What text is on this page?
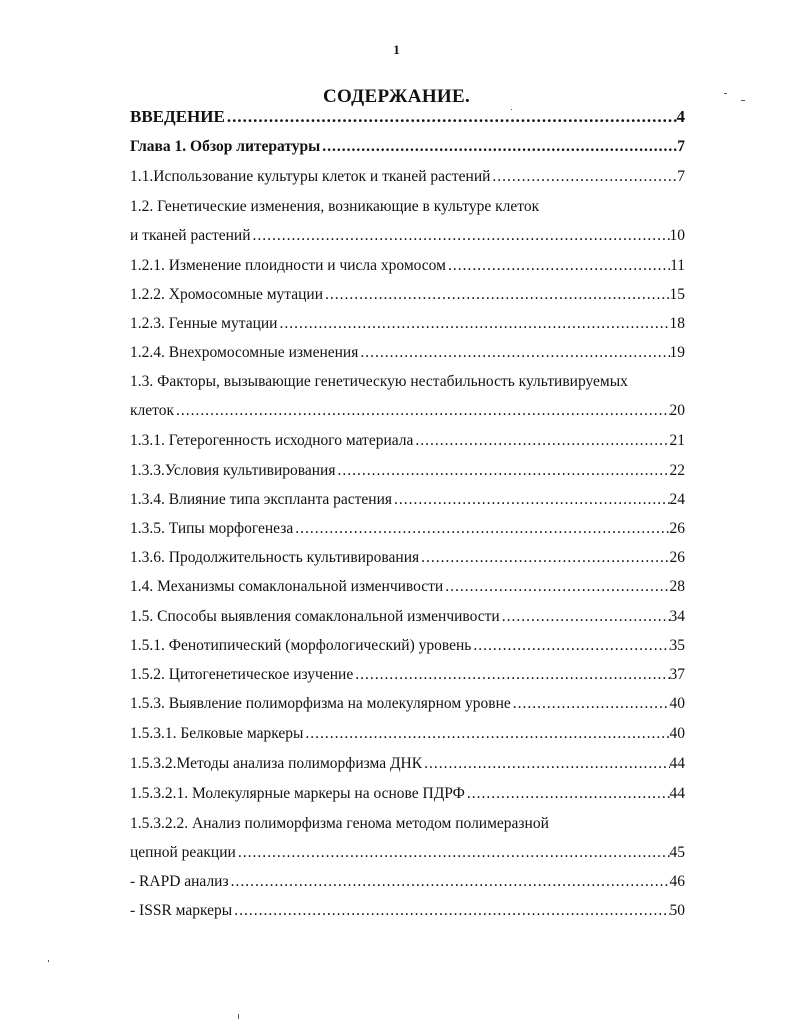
1
СОДЕРЖАНИЕ.
ВВЕДЕНИЕ .....	4
Глава 1. Обзор литературы .....	7
1.1.Использование культуры клеток и тканей растений .....	7
1.2. Генетические изменения, возникающие в культуре клеток
и тканей растений .....	10
1.2.1. Изменение плоидности и числа хромосом .....	11
1.2.2. Хромосомные мутации .....	15
1.2.3. Генные мутации .....	18
1.2.4. Внехромосомные изменения .....	19
1.3. Факторы, вызывающие генетическую нестабильность культивируемых
клеток .....	20
1.3.1. Гетерогенность исходного материала .....	21
1.3.3.Условия культивирования .....	22
1.3.4. Влияние типа эксплантa растения .....	24
1.3.5. Типы морфогенеза .....	26
1.3.6. Продолжительность культивирования .....	26
1.4. Механизмы сомаклональной изменчивости .....	28
1.5. Способы выявления сомаклональной изменчивости .....	34
1.5.1. Фенотипический (морфологический) уровень .....	35
1.5.2. Цитогенетическое изучение .....	37
1.5.3. Выявление полиморфизма на молекулярном уровне .....	40
1.5.3.1. Белковые маркеры .....	40
1.5.3.2.Методы анализа полиморфизма ДНК .....	44
1.5.3.2.1. Молекулярные маркеры на основе ПДРФ .....	44
1.5.3.2.2. Анализ полиморфизма генома методом полимеразной
цепной реакции .....	45
- RAPD анализ .....	46
- ISSR маркеры .....	50
